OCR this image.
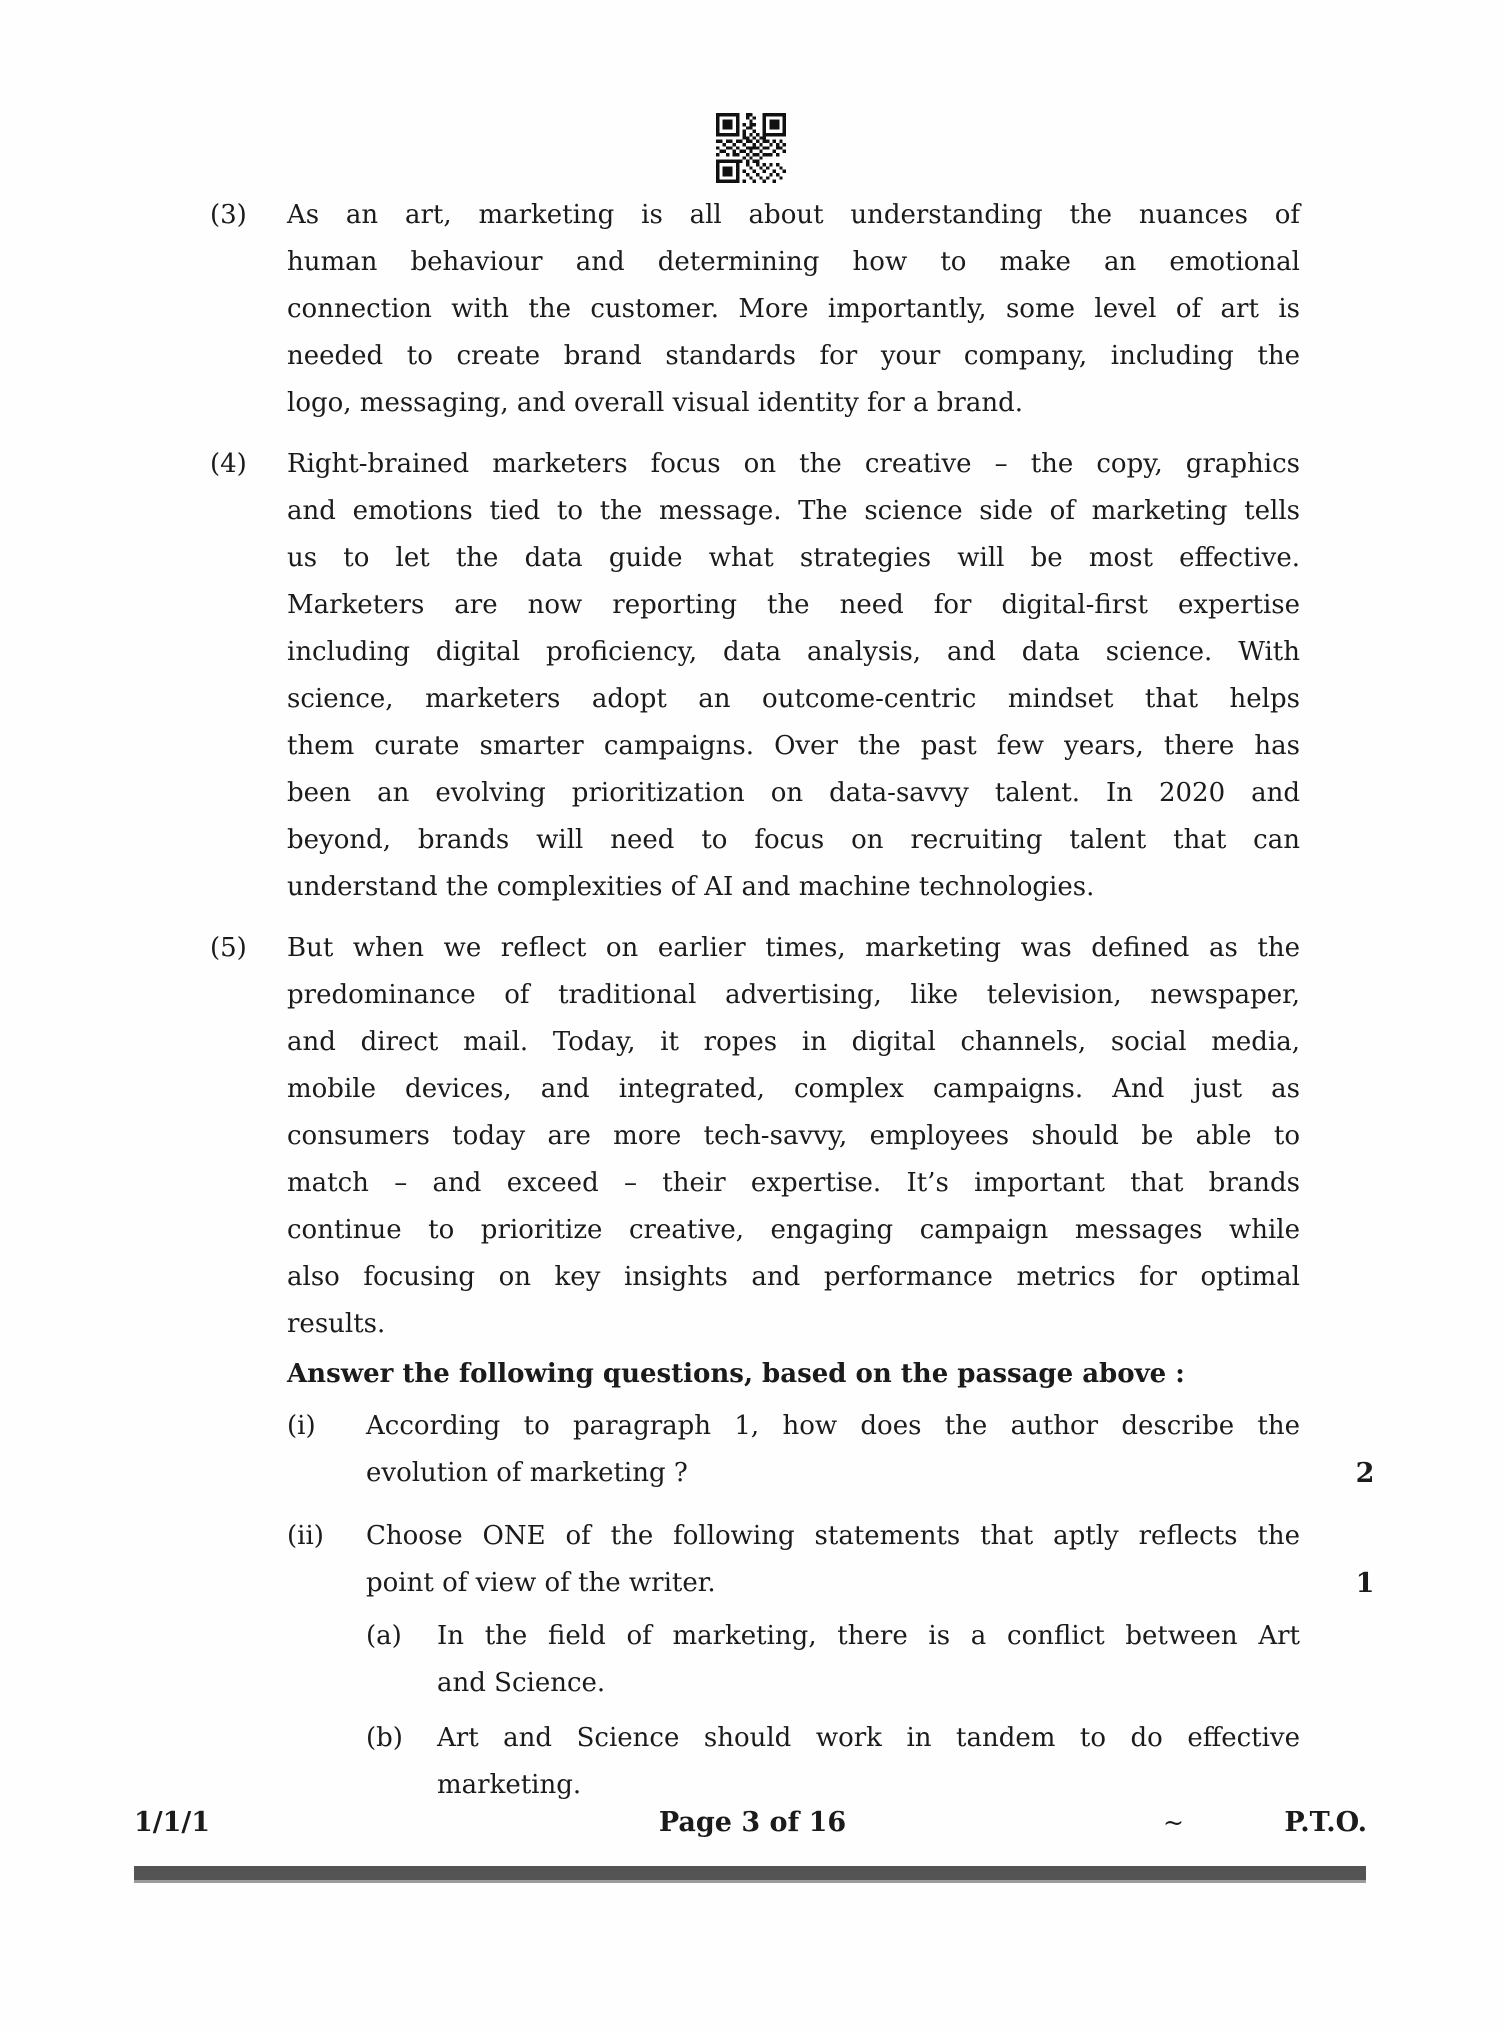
(3)	As an art, marketing is all about understanding the nuances of
human behaviour and determining how to make an emotional
connection with the customer. More importantly, some level of art is
needed to create brand standards for your company, including the
logo, messaging, and overall visual identity for a brand.
(4)	Right-brained marketers focus on the creative – the copy, graphics
and emotions tied to the message. The science side of marketing tells
us to let the data guide what strategies will be most effective.
Marketers are now reporting the need for digital-first expertise
including digital proficiency, data analysis, and data science. With
science, marketers adopt an outcome-centric mindset that helps
them curate smarter campaigns. Over the past few years, there has
been an evolving prioritization on data-savvy talent. In 2020 and
beyond, brands will need to focus on recruiting talent that can
understand the complexities of AI and machine technologies.
(5)	But when we reflect on earlier times, marketing was defined as the
predominance of traditional advertising, like television, newspaper,
and direct mail. Today, it ropes in digital channels, social media,
mobile devices, and integrated, complex campaigns. And just as
consumers today are more tech-savvy, employees should be able to
match – and exceed – their expertise. It’s important that brands
continue to prioritize creative, engaging campaign messages while
also focusing on key insights and performance metrics for optimal
results.
Answer the following questions, based on the passage above :
(i)	According to paragraph 1, how does the author describe the
evolution of marketing ?
(ii)	Choose ONE of the following statements that aptly reflects the
point of view of the writer.
(a)	In the field of marketing, there is a conflict between Art
and Science.
(b)	Art and Science should work in tandem to do effective
marketing.
2
1
1/1/1	Page 3 of 16	~	P.T.O.
